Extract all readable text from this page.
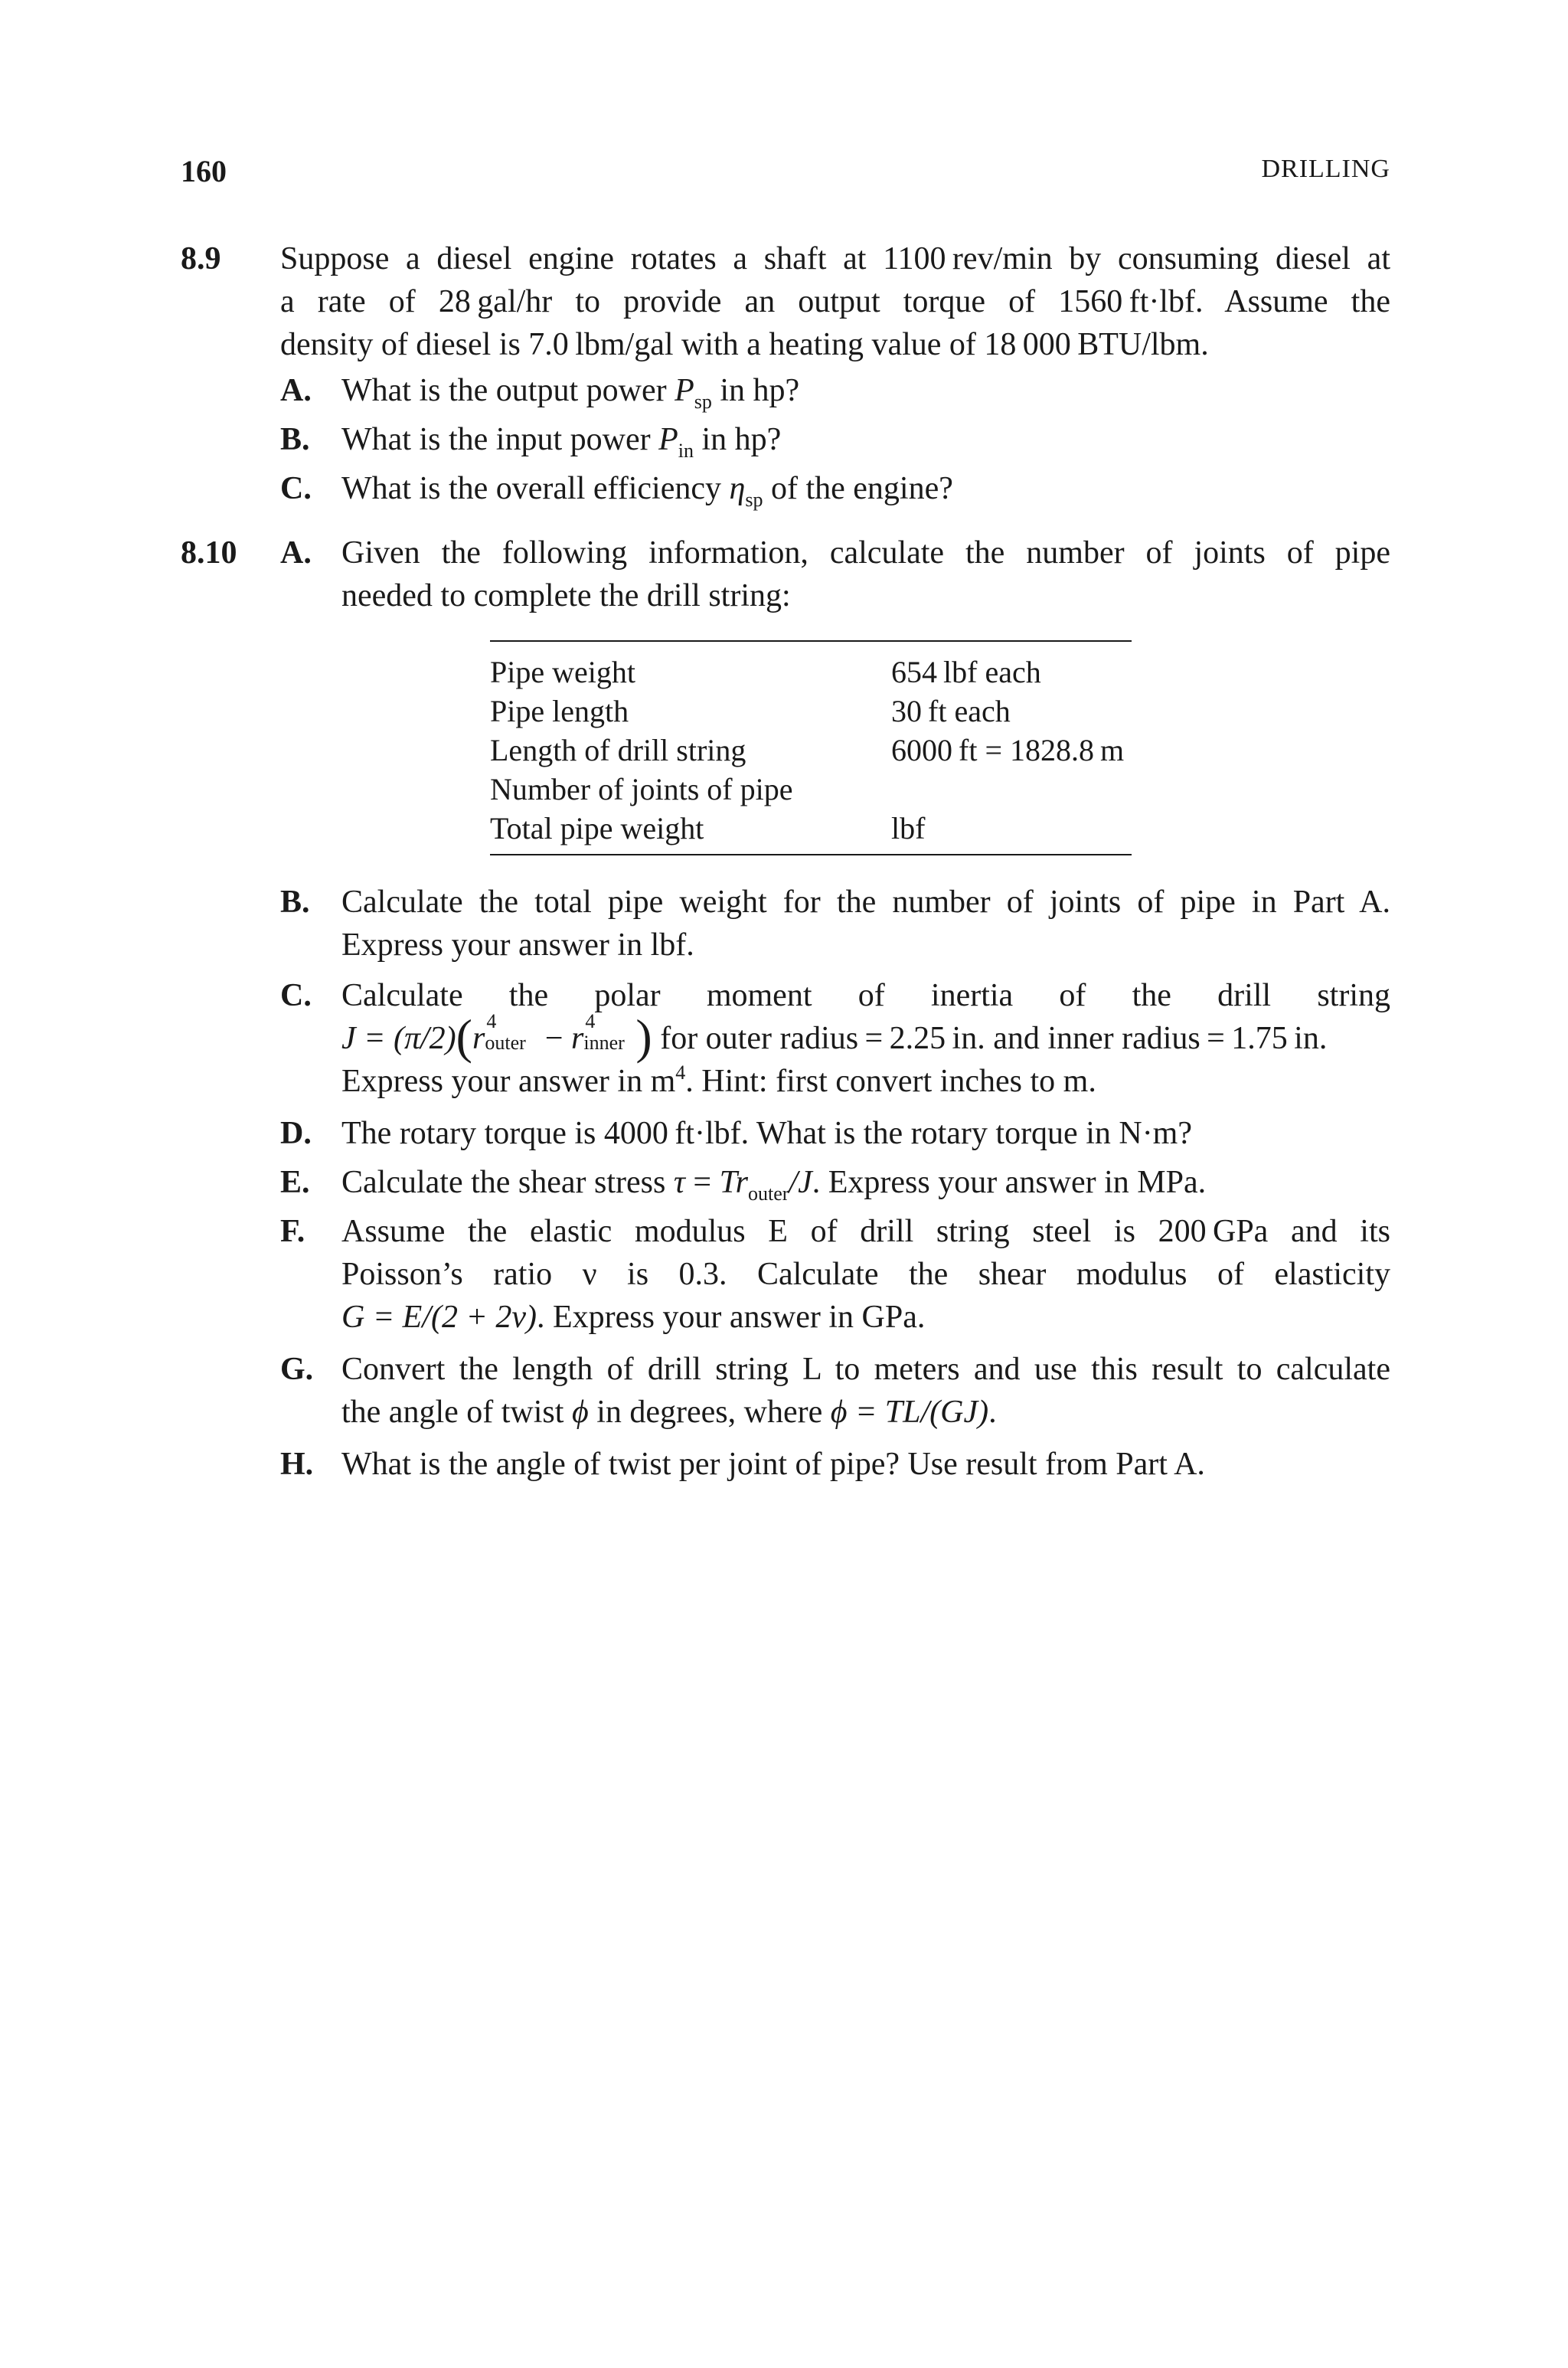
160	DRILLING
8.9 Suppose a diesel engine rotates a shaft at 1100 rev/min by consuming diesel at
a rate of 28 gal/hr to provide an output torque of 1560 ft·lbf. Assume the
density of diesel is 7.0 lbm/gal with a heating value of 18 000 BTU/lbm.
A. What is the output power $P_{sp}$ in hp?
B. What is the input power $P_{in}$ in hp?
C. What is the overall efficiency $\eta_{sp}$ of the engine?
8.10 A. Given the following information, calculate the number of joints of pipe
needed to complete the drill string:
Pipe weight	654 lbf each
Pipe length	30 ft each
Length of drill string	6000 ft = 1828.8 m
Number of joints of pipe
Total pipe weight	lbf
B. Calculate the total pipe weight for the number of joints of pipe in Part A.
Express your answer in lbf.
C. Calculate the polar moment of inertia of the drill string
J = (π/2)(r 4
outer − r 4
inner ) for outer radius = 2.25 in. and inner radius = 1.75 in.
Express your answer in $m^4$. Hint: first convert inches to m.
D. The rotary torque is 4000 ft·lbf. What is the rotary torque in N·m?
E. Calculate the shear stress $\tau = Tr_{outer}/J$. Express your answer in MPa.
F.	Assume the elastic modulus E of drill string steel is 200 GPa and its
Poisson’s ratio ν is 0.3. Calculate the shear modulus of elasticity
G = E/(2 + 2ν). Express your answer in GPa.
G. Convert the length of drill string L to meters and use this result to calculate
the angle of twist ϕ in degrees, where ϕ = TL/(GJ).
H. What is the angle of twist per joint of pipe? Use result from Part A.
